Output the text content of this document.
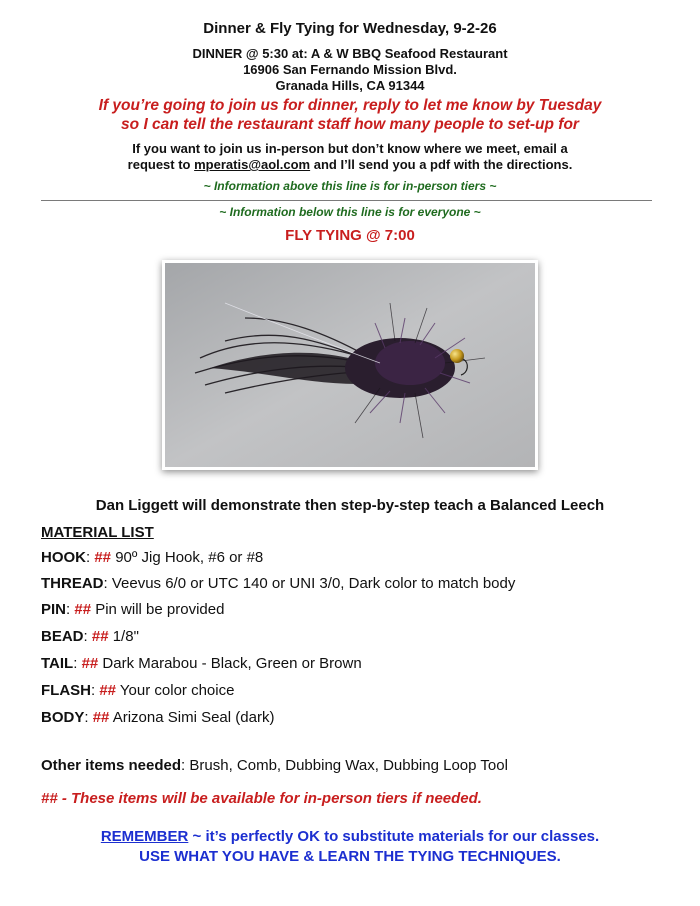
Dinner & Fly Tying for Wednesday, 9-2-26
DINNER @ 5:30 at: A & W BBQ Seafood Restaurant
16906 San Fernando Mission Blvd.
Granada Hills, CA 91344
If you’re going to join us for dinner, reply to let me know by Tuesday
so I can tell the restaurant staff how many people to set-up for
If you want to join us in-person but don’t know where we meet, email a
request to mperatis@aol.com and I’ll send you a pdf with the directions.
~ Information above this line is for in-person tiers ~
~ Information below this line is for everyone ~
FLY TYING @ 7:00
Dan Liggett will demonstrate then step-by-step teach a Balanced Leech
MATERIAL LIST
HOOK: ## 90º Jig Hook, #6 or #8
THREAD: Veevus 6/0 or UTC 140 or UNI 3/0, Dark color to match body
PIN: ## Pin will be provided
BEAD: ## 1/8"
TAIL: ## Dark Marabou - Black, Green or Brown
FLASH: ## Your color choice
BODY: ## Arizona Simi Seal (dark)
Other items needed: Brush, Comb, Dubbing Wax, Dubbing Loop Tool
## - These items will be available for in-person tiers if needed.
REMEMBER ~ it’s perfectly OK to substitute materials for our classes.
USE WHAT YOU HAVE & LEARN THE TYING TECHNIQUES.
